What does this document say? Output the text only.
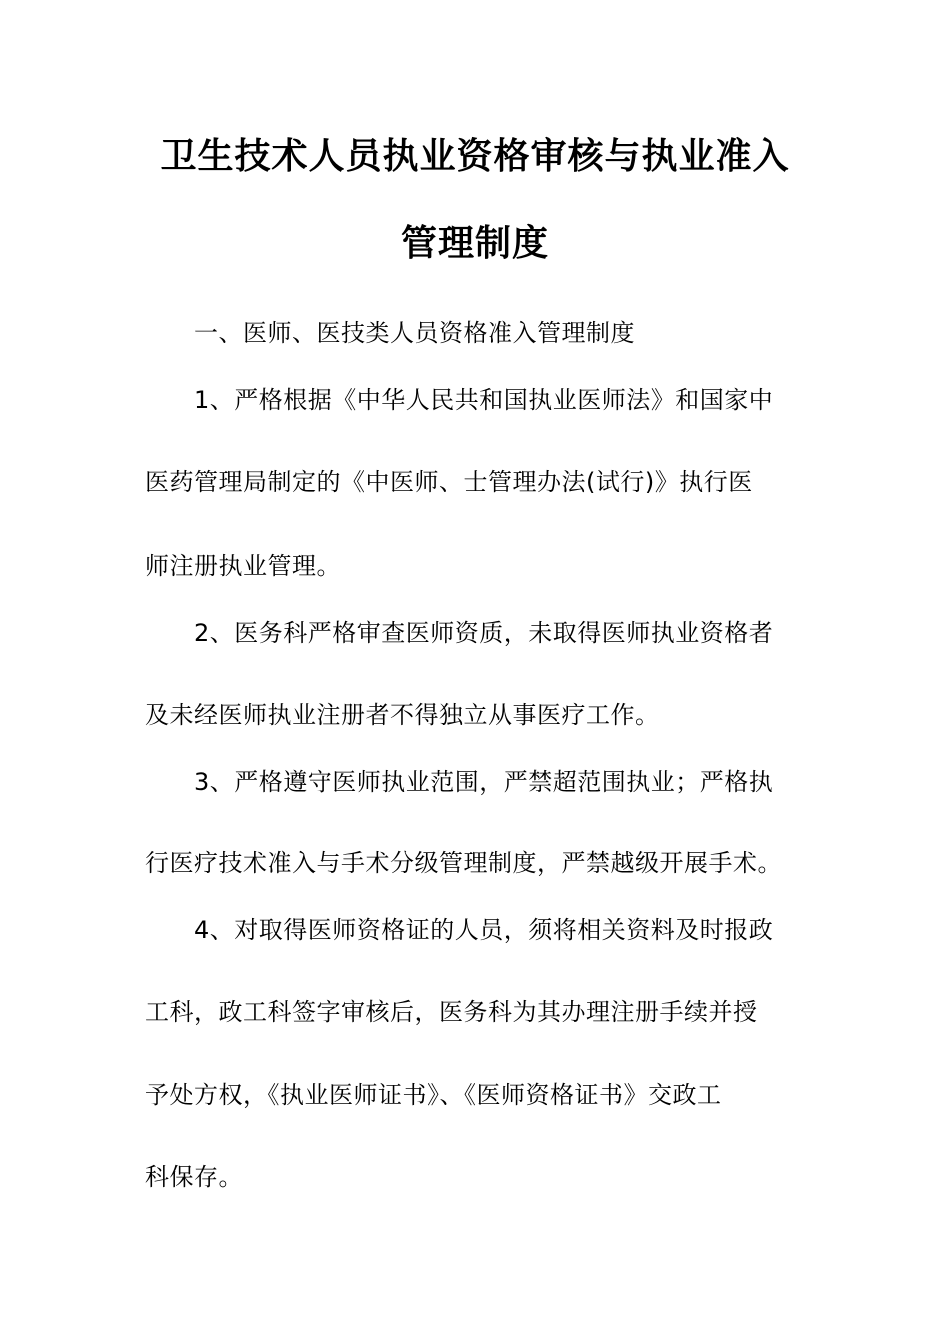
卫生技术人员执业资格审核与执业准入
管理制度

一、医师、医技类人员资格准入管理制度

1、严格根据《中华人民共和国执业医师法》和国家中

医药管理局制定的《中医师、士管理办法(试行)》执行医

师注册执业管理。

2、医务科严格审查医师资质，未取得医师执业资格者

及未经医师执业注册者不得独立从事医疗工作。

3、严格遵守医师执业范围，严禁超范围执业；严格执

行医疗技术准入与手术分级管理制度，严禁越级开展手术。

4、对取得医师资格证的人员，须将相关资料及时报政

工科，政工科签字审核后，医务科为其办理注册手续并授

予处方权，《执业医师证书》、《医师资格证书》交政工

科保存。
